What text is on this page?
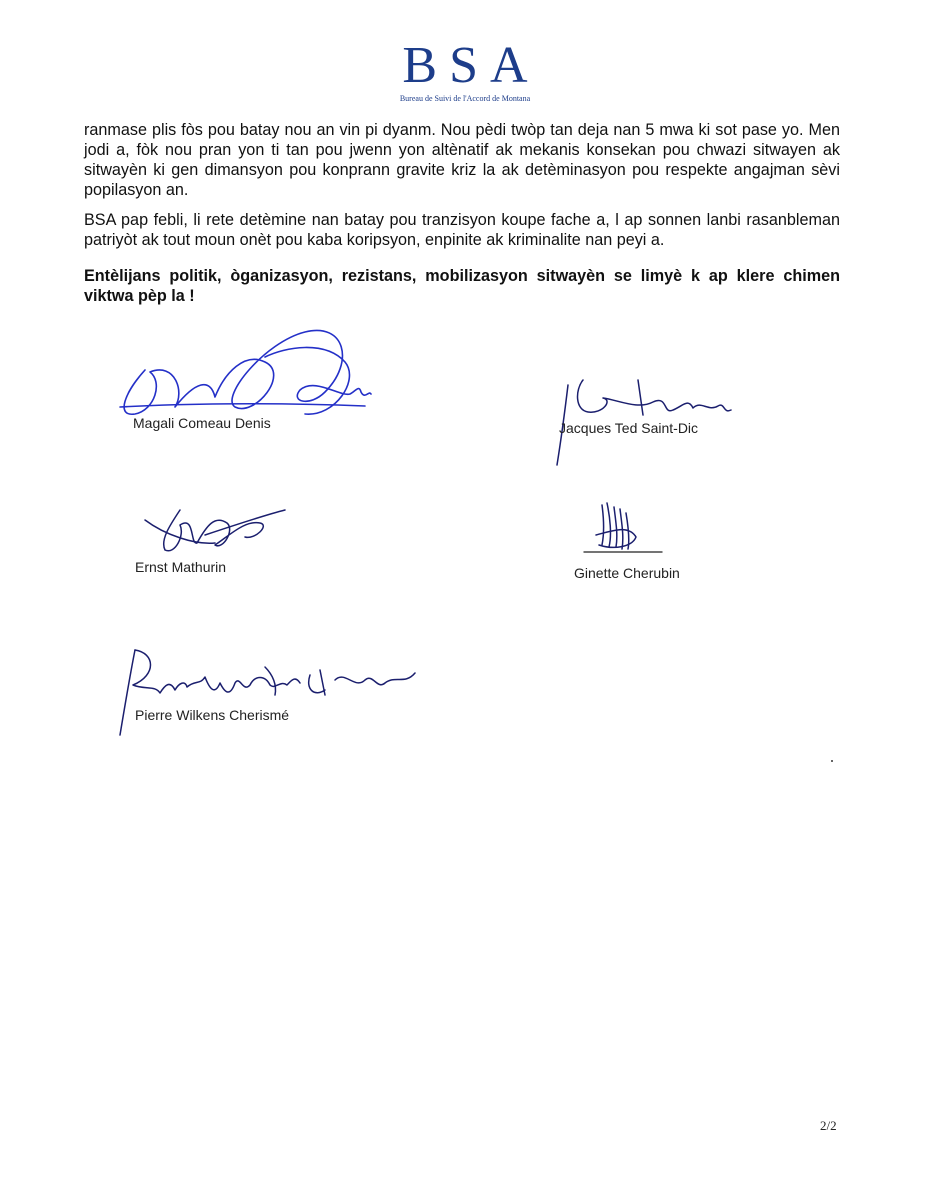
BSA
Bureau de Suivi de l'Accord de Montana

ranmase plis fòs pou batay nou an vin pi dyanm. Nou pèdi twòp tan deja nan 5 mwa ki sot pase yo. Men jodi a, fòk nou pran yon ti tan pou jwenn yon altènatif ak mekanis konsekan pou chwazi sitwayen ak sitwayèn ki gen dimansyon pou konprann gravite kriz la ak detèminasyon pou respekte angajman sèvi popilasyon an.

BSA pap febli, li rete detèmine nan batay pou tranzisyon koupe fache a, l ap sonnen lanbi rasanbleman patriyòt ak tout moun onèt pou kaba koripsyon, enpinite ak kriminalite nan peyi a.

Entèlijans politik, òganizasyon, rezistans, mobilizasyon sitwayèn se limyè k ap klere chimen viktwa pèp la !

Magali Comeau Denis	Jacques Ted Saint-Dic
Ernst Mathurin	Ginette Cherubin
Pierre Wilkens Cherismé
2/2
